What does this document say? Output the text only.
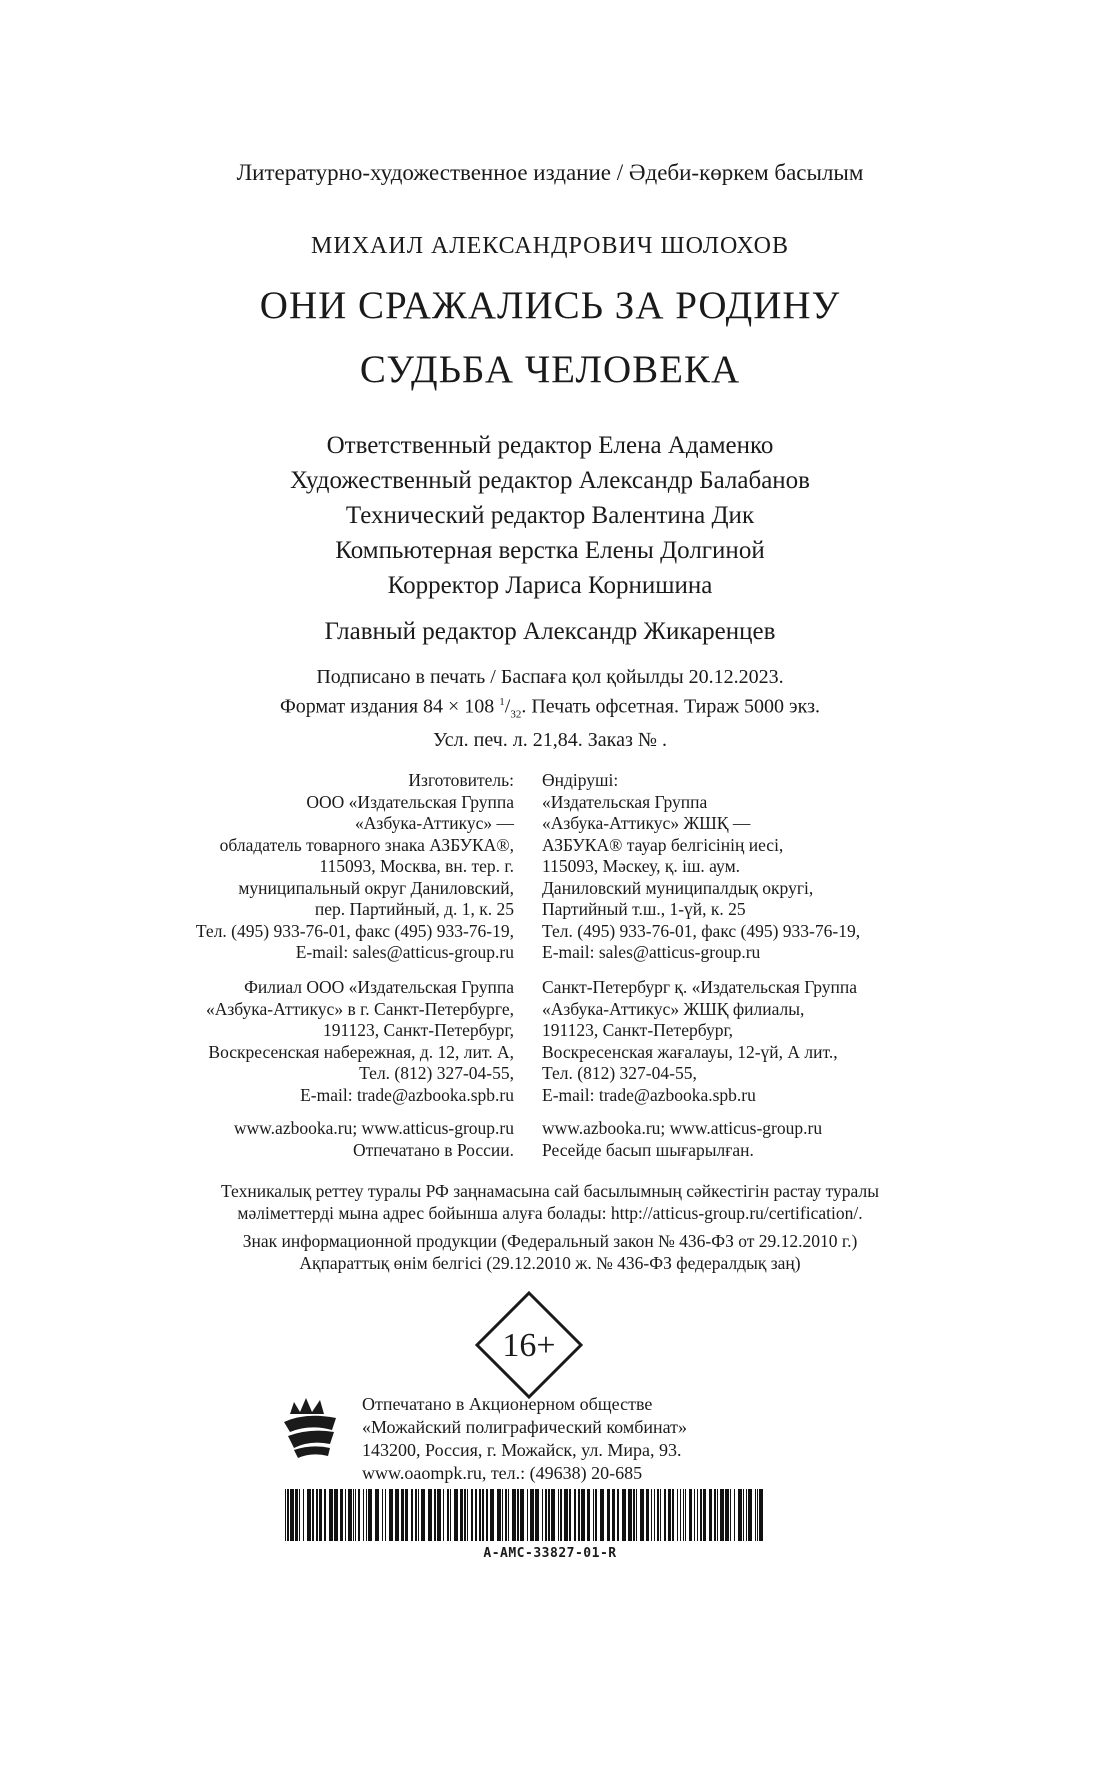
Литературно-художественное издание / Әдеби-көркем басылым
МИХАИЛ АЛЕКСАНДРОВИЧ ШОЛОХОВ
ОНИ СРАЖАЛИСЬ ЗА РОДИНУ
СУДЬБА ЧЕЛОВЕКА
Ответственный редактор Елена Адаменко
Художественный редактор Александр Балабанов
Технический редактор Валентина Дик
Компьютерная верстка Елены Долгиной
Корректор Лариса Корнишина
Главный редактор Александр Жикаренцев
Подписано в печать / Баспаға қол қойылды 20.12.2023.
Формат издания 84 × 108 $^1/_{32}$. Печать офсетная. Тираж 5000 экз.
Усл. печ. л. 21,84. Заказ № .
Изготовитель:
ООО «Издательская Группа
«Азбука-Аттикус» —
обладатель товарного знака АЗБУКА®,
115093, Москва, вн. тер. г.
муниципальный округ Даниловский,
пер. Партийный, д. 1, к. 25
Тел. (495) 933-76-01, факс (495) 933-76-19,
E-mail: sales@atticus-group.ru
Өндіруші:
«Издательская Группа
«Азбука-Аттикус» ЖШҚ —
АЗБУКА® тауар белгісінің иесі,
115093, Мәскеу, қ. іш. аум.
Даниловский муниципалдық округі,
Партийный т.ш., 1-үй, к. 25
Тел. (495) 933-76-01, факс (495) 933-76-19,
E-mail: sales@atticus-group.ru
Филиал ООО «Издательская Группа
«Азбука-Аттикус» в г. Санкт-Петербурге,
191123, Санкт-Петербург,
Воскресенская набережная, д. 12, лит. А,
Тел. (812) 327-04-55,
E-mail: trade@azbooka.spb.ru
Санкт-Петербург қ. «Издательская Группа
«Азбука-Аттикус» ЖШҚ филиалы,
191123, Санкт-Петербург,
Воскресенская жағалауы, 12-үй, А лит.,
Тел. (812) 327-04-55,
E-mail: trade@azbooka.spb.ru
www.azbooka.ru; www.atticus-group.ru
Отпечатано в России.
www.azbooka.ru; www.atticus-group.ru
Ресейде басып шығарылған.
Техникалық реттеу туралы РФ заңнамасына сай басылымның сәйкестігін растау туралы
мәліметтерді мына адрес бойынша алуға болады: http://atticus-group.ru/certification/.
Знак информационной продукции (Федеральный закон № 436-ФЗ от 29.12.2010 г.)
Ақпараттық өнім белгісі (29.12.2010 ж. № 436-ФЗ федералдық заң)
16+
Отпечатано в Акционерном обществе
«Можайский полиграфический комбинат»
143200, Россия, г. Можайск, ул. Мира, 93.
www.oaompk.ru, тел.: (49638) 20-685
A-AMC-33827-01-R
